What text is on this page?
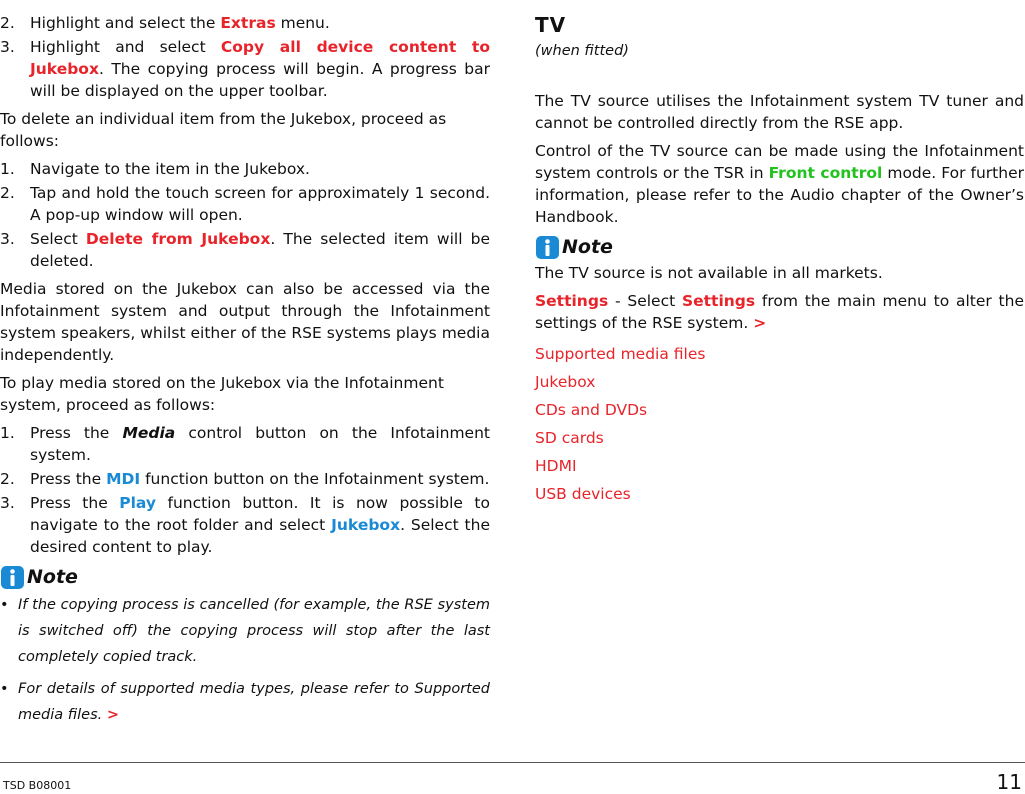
2. Highlight and select the Extras menu.
3. Highlight and select Copy all device content to Jukebox. The copying process will begin. A progress bar will be displayed on the upper toolbar.

To delete an individual item from the Jukebox, proceed as follows:

1. Navigate to the item in the Jukebox.
2. Tap and hold the touch screen for approximately 1 second. A pop-up window will open.
3. Select Delete from Jukebox. The selected item will be deleted.

Media stored on the Jukebox can also be accessed via the Infotainment system and output through the Infotainment system speakers, whilst either of the RSE systems plays media independently.

To play media stored on the Jukebox via the Infotainment system, proceed as follows:

1. Press the Media control button on the Infotainment system.
2. Press the MDI function button on the Infotainment system.
3. Press the Play function button. It is now possible to navigate to the root folder and select Jukebox. Select the desired content to play.
Note
• If the copying process is cancelled (for example, the RSE system is switched off) the copying process will stop after the last completely copied track.
• For details of supported media types, please refer to Supported media files. >
TV
(when fitted)

The TV source utilises the Infotainment system TV tuner and cannot be controlled directly from the RSE app.

Control of the TV source can be made using the Infotainment system controls or the TSR in Front control mode. For further information, please refer to the Audio chapter of the Owner’s Handbook.

Note

The TV source is not available in all markets.

Settings - Select Settings from the main menu to alter the settings of the RSE system. >

Supported media files
Jukebox
CDs and DVDs
SD cards
HDMI
USB devices
TSD B08001	11
